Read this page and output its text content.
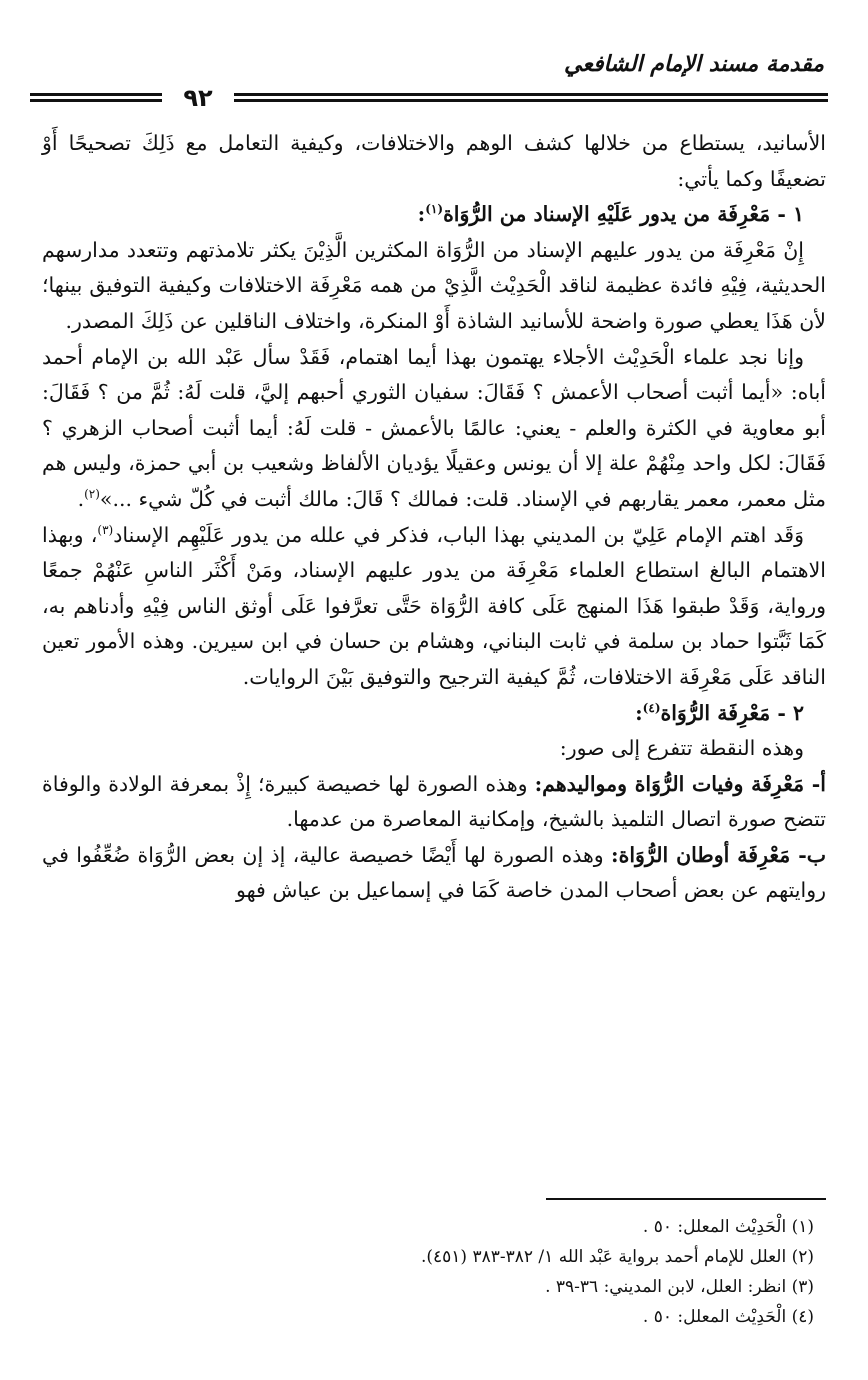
مقدمة مسند الإمام الشافعي
٩٢

الأسانيد، يستطاع من خلالها كشف الوهم والاختلافات، وكيفية التعامل مع ذَلِكَ تصحيحًا أَوْ تضعيفًا وكما يأتي:

١ - مَعْرِفَة من يدور عَلَيْهِ الإسناد من الرُّوَاة$^{(١)}$:

إِنْ مَعْرِفَة من يدور عليهم الإسناد من الرُّوَاة المكثرين الَّذِيْنَ يكثر تلامذتهم وتتعدد مدارسهم الحديثية، فِيْهِ فائدة عظيمة لناقد الْحَدِيْث الَّذِيْ من همه مَعْرِفَة الاختلافات وكيفية التوفيق بينها؛ لأن هَذَا يعطي صورة واضحة للأسانيد الشاذة أَوْ المنكرة، واختلاف الناقلين عن ذَلِكَ المصدر.

وإنا نجد علماء الْحَدِيْث الأجلاء يهتمون بهذا أيما اهتمام، فَقَدْ سأل عَبْد الله بن الإمام أحمد أباه: «أيما أثبت أصحاب الأعمش ؟ فَقَالَ: سفيان الثوري أحبهم إليَّ، قلت لَهُ: ثُمَّ من ؟ فَقَالَ: أبو معاوية في الكثرة والعلم - يعني: عالمًا بالأعمش - قلت لَهُ: أيما أثبت أصحاب الزهري ؟ فَقَالَ: لكل واحد مِنْهُمْ علة إلا أن يونس وعقيلًا يؤديان الألفاظ وشعيب بن أبي حمزة، وليس هم مثل معمر، معمر يقاربهم في الإسناد. قلت: فمالك ؟ قَالَ: مالك أثبت في كُلّ شيء ...»$^{(٢)}$.

وَقَد اهتم الإمام عَلِيّ بن المديني بهذا الباب، فذكر في علله من يدور عَلَيْهِم الإسناد$^{(٣)}$، وبهذا الاهتمام البالغ استطاع العلماء مَعْرِفَة من يدور عليهم الإسناد، ومَنْ أَكْثَر الناسِ عَنْهُمْ جمعًا ورواية، وَقَدْ طبقوا هَذَا المنهج عَلَى كافة الرُّوَاة حَتَّى تعرَّفوا عَلَى أوثق الناس فِيْهِ وأدناهم به، كَمَا ثَبَّتوا حماد بن سلمة في ثابت البناني، وهشام بن حسان في ابن سيرين. وهذه الأمور تعين الناقد عَلَى مَعْرِفَة الاختلافات، ثُمَّ كيفية الترجيح والتوفيق بَيْنَ الروايات.

٢ - مَعْرِفَة الرُّوَاة$^{(٤)}$:

وهذه النقطة تتفرع إلى صور:

أ- مَعْرِفَة وفيات الرُّوَاة ومواليدهم: وهذه الصورة لها خصيصة كبيرة؛ إِذْ بمعرفة الولادة والوفاة تتضح صورة اتصال التلميذ بالشيخ، وإمكانية المعاصرة من عدمها.

ب- مَعْرِفَة أوطان الرُّوَاة: وهذه الصورة لها أَيْضًا خصيصة عالية، إذ إن بعض الرُّوَاة ضُعِّفُوا في روايتهم عن بعض أصحاب المدن خاصة كَمَا في إسماعيل بن عياش فهو

(١) الْحَدِيْث المعلل: ٥٠ .

(٢) العلل للإمام أحمد برواية عَبْد الله ١/ ٣٨٢-٣٨٣ (٤٥١).

(٣) انظر: العلل، لابن المديني: ٣٦-٣٩ .

(٤) الْحَدِيْث المعلل: ٥٠ .
